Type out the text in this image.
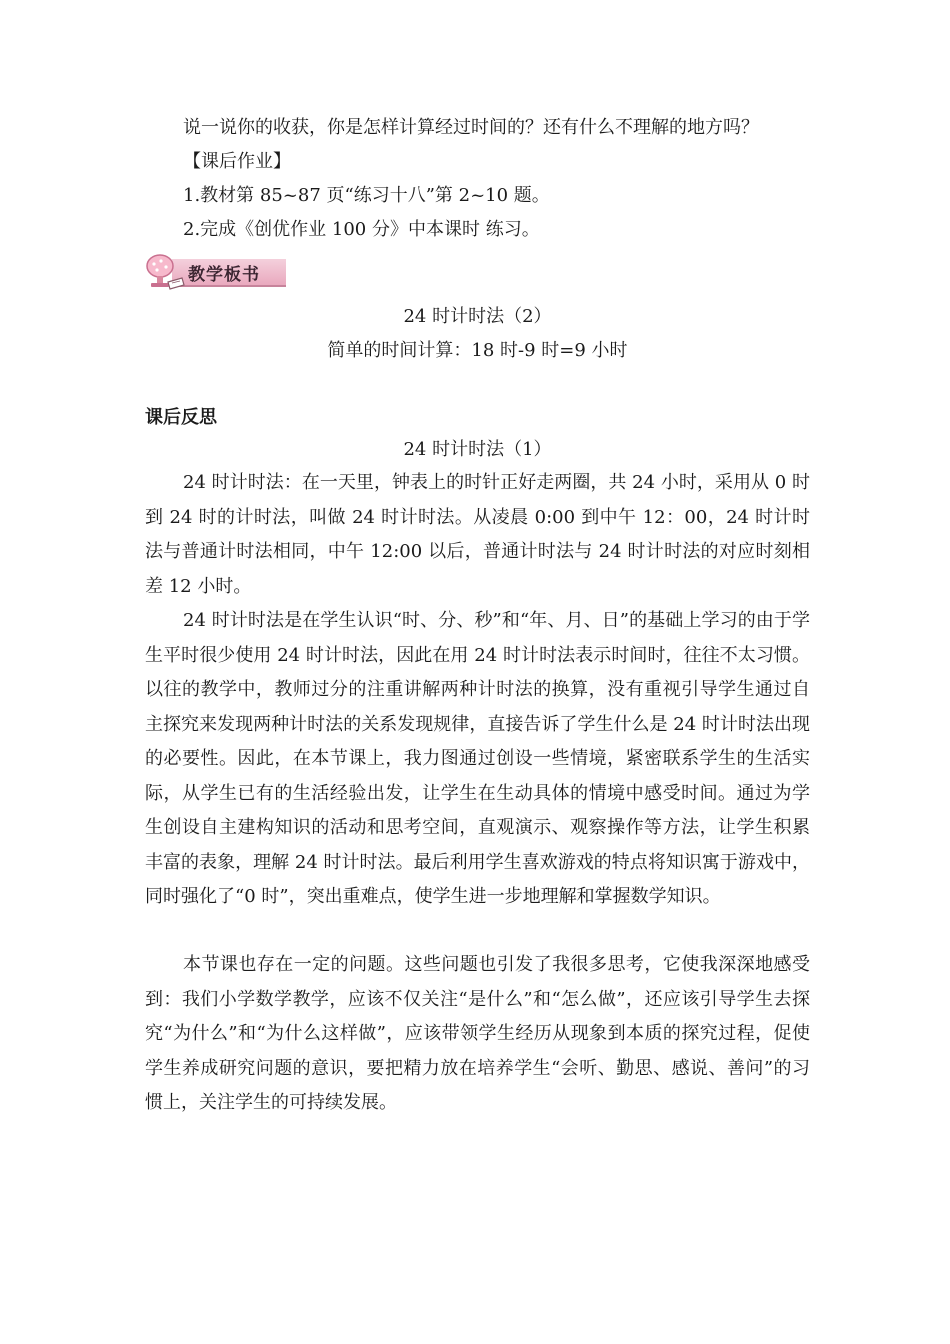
说一说你的收获，你是怎样计算经过时间的？还有什么不理解的地方吗？
【课后作业】
1.教材第 85~87 页“练习十八”第 2~10 题。
2.完成《创优作业 100 分》中本课时 练习。
教学板书
24 时计时法（2）
简单的时间计算：18 时-9 时=9 小时
课后反思
24 时计时法（1）
24 时计时法：在一天里，钟表上的时针正好走两圈，共 24 小时，采用从 0 时到 24 时的计时法，叫做 24 时计时法。从凌晨 0:00 到中午 12：00，24 时计时法与普通计时法相同，中午 12:00 以后，普通计时法与 24 时计时法的对应时刻相差 12 小时。
24 时计时法是在学生认识“时、分、秒”和“年、月、日”的基础上学习的由于学生平时很少使用 24 时计时法，因此在用 24 时计时法表示时间时，往往不太习惯。以往的教学中，教师过分的注重讲解两种计时法的换算，没有重视引导学生通过自主探究来发现两种计时法的关系发现规律，直接告诉了学生什么是 24 时计时法出现的必要性。因此，在本节课上，我力图通过创设一些情境，紧密联系学生的生活实际，从学生已有的生活经验出发，让学生在生动具体的情境中感受时间。通过为学生创设自主建构知识的活动和思考空间，直观演示、观察操作等方法，让学生积累丰富的表象，理解 24 时计时法。最后利用学生喜欢游戏的特点将知识寓于游戏中，同时强化了“0 时”，突出重难点，使学生进一步地理解和掌握数学知识。
本节课也存在一定的问题。这些问题也引发了我很多思考，它使我深深地感受到：我们小学数学教学，应该不仅关注“是什么”和“怎么做”，还应该引导学生去探究“为什么”和“为什么这样做”，应该带领学生经历从现象到本质的探究过程，促使学生养成研究问题的意识，要把精力放在培养学生“会听、勤思、感说、善问”的习惯上，关注学生的可持续发展。
